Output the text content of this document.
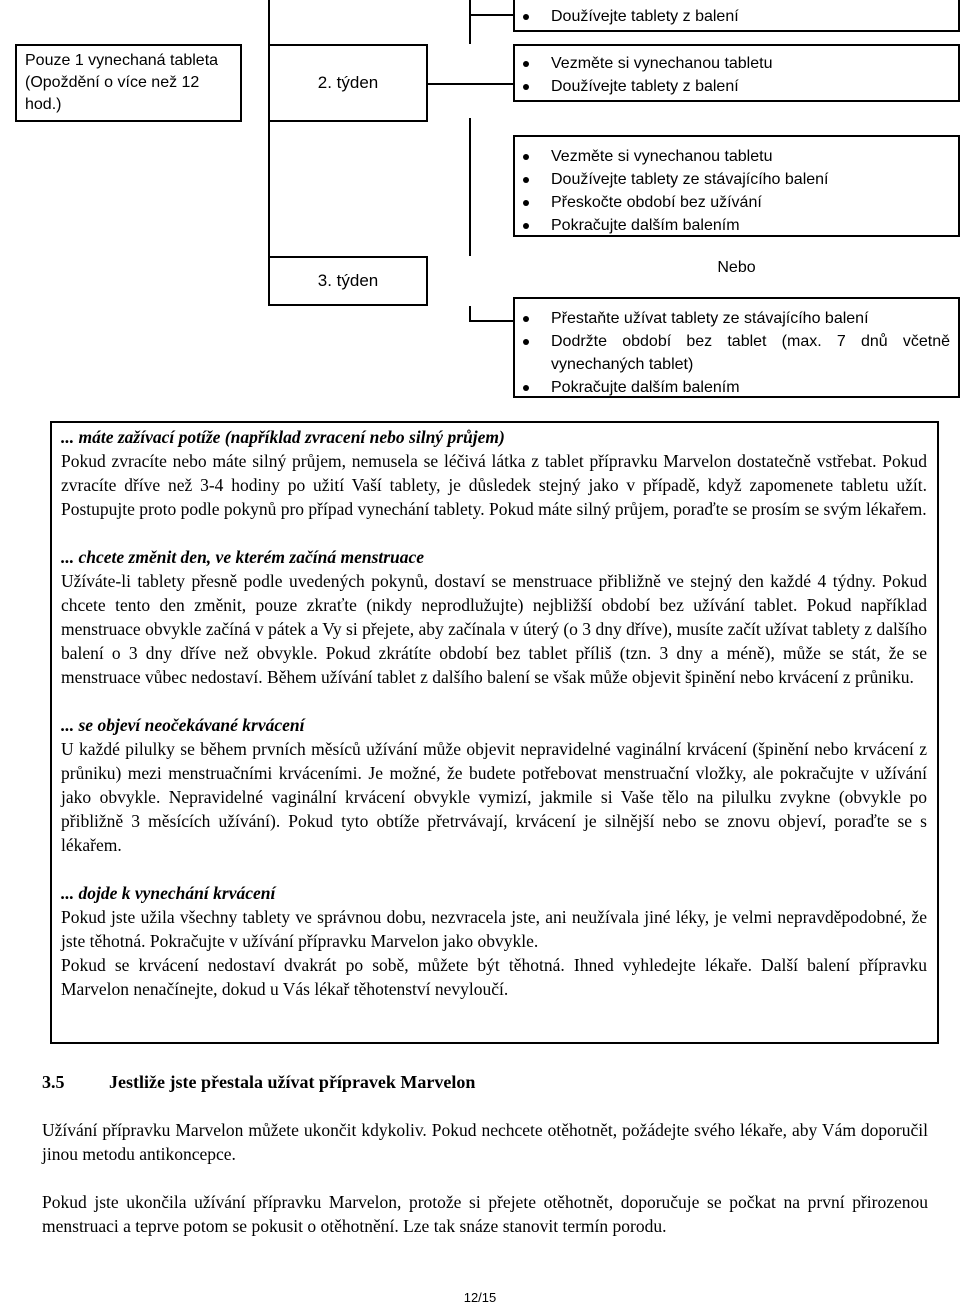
Doužívejte tablety z balení
Pouze 1 vynechaná tableta (Opoždění o více než 12 hod.)
2. týden
Vezměte si vynechanou tabletu
Doužívejte tablety z balení
Vezměte si vynechanou tabletu
Doužívejte tablety ze stávajícího balení
Přeskočte období bez užívání
Pokračujte dalším balením
3. týden
Nebo
Přestaňte užívat tablety ze stávajícího balení
Dodržte období bez tablet (max. 7 dnů včetně vynechaných tablet)
Pokračujte dalším balením
... máte zažívací potíže (například zvracení nebo silný průjem)

Pokud zvracíte nebo máte silný průjem, nemusela se léčivá látka z tablet přípravku Marvelon dostatečně vstřebat. Pokud zvracíte dříve než 3-4 hodiny po užití Vaší tablety, je důsledek stejný jako v případě, když zapomenete tabletu užít. Postupujte proto podle pokynů pro případ vynechání tablety. Pokud máte silný průjem, poraďte se prosím se svým lékařem.

... chcete změnit den, ve kterém začíná menstruace

Užíváte-li tablety přesně podle uvedených pokynů, dostaví se menstruace přibližně ve stejný den každé 4 týdny. Pokud chcete tento den změnit, pouze zkraťte (nikdy neprodlužujte) nejbližší období bez užívání tablet. Pokud například menstruace obvykle začíná v pátek a Vy si přejete, aby začínala v úterý (o 3 dny dříve), musíte začít užívat tablety z dalšího balení o 3 dny dříve než obvykle. Pokud zkrátíte období bez tablet příliš (tzn. 3 dny a méně), může se stát, že se menstruace vůbec nedostaví. Během užívání tablet z dalšího balení se však může objevit špinění nebo krvácení z průniku.

... se objeví neočekávané krvácení

U každé pilulky se během prvních měsíců užívání může objevit nepravidelné vaginální krvácení (špinění nebo krvácení z průniku) mezi menstruačními krváceními. Je možné, že budete potřebovat menstruační vložky, ale pokračujte v užívání jako obvykle. Nepravidelné vaginální krvácení obvykle vymizí, jakmile si Vaše tělo na pilulku zvykne (obvykle po přibližně 3 měsících užívání). Pokud tyto obtíže přetrvávají, krvácení je silnější nebo se znovu objeví, poraďte se s lékařem.

... dojde k vynechání krvácení

Pokud jste užila všechny tablety ve správnou dobu, nezvracela jste, ani neužívala jiné léky, je velmi nepravděpodobné, že jste těhotná. Pokračujte v užívání přípravku Marvelon jako obvykle.

Pokud se krvácení nedostaví dvakrát po sobě, můžete být těhotná. Ihned vyhledejte lékaře. Další balení přípravku Marvelon nenačínejte, dokud u Vás lékař těhotenství nevyloučí.

3.5 Jestliže jste přestala užívat přípravek Marvelon
Užívání přípravku Marvelon můžete ukončit kdykoliv. Pokud nechcete otěhotnět, požádejte svého lékaře, aby Vám doporučil jinou metodu antikoncepce.
Pokud jste ukončila užívání přípravku Marvelon, protože si přejete otěhotnět, doporučuje se počkat na první přirozenou menstruaci a teprve potom se pokusit o otěhotnění. Lze tak snáze stanovit termín porodu.
12/15
